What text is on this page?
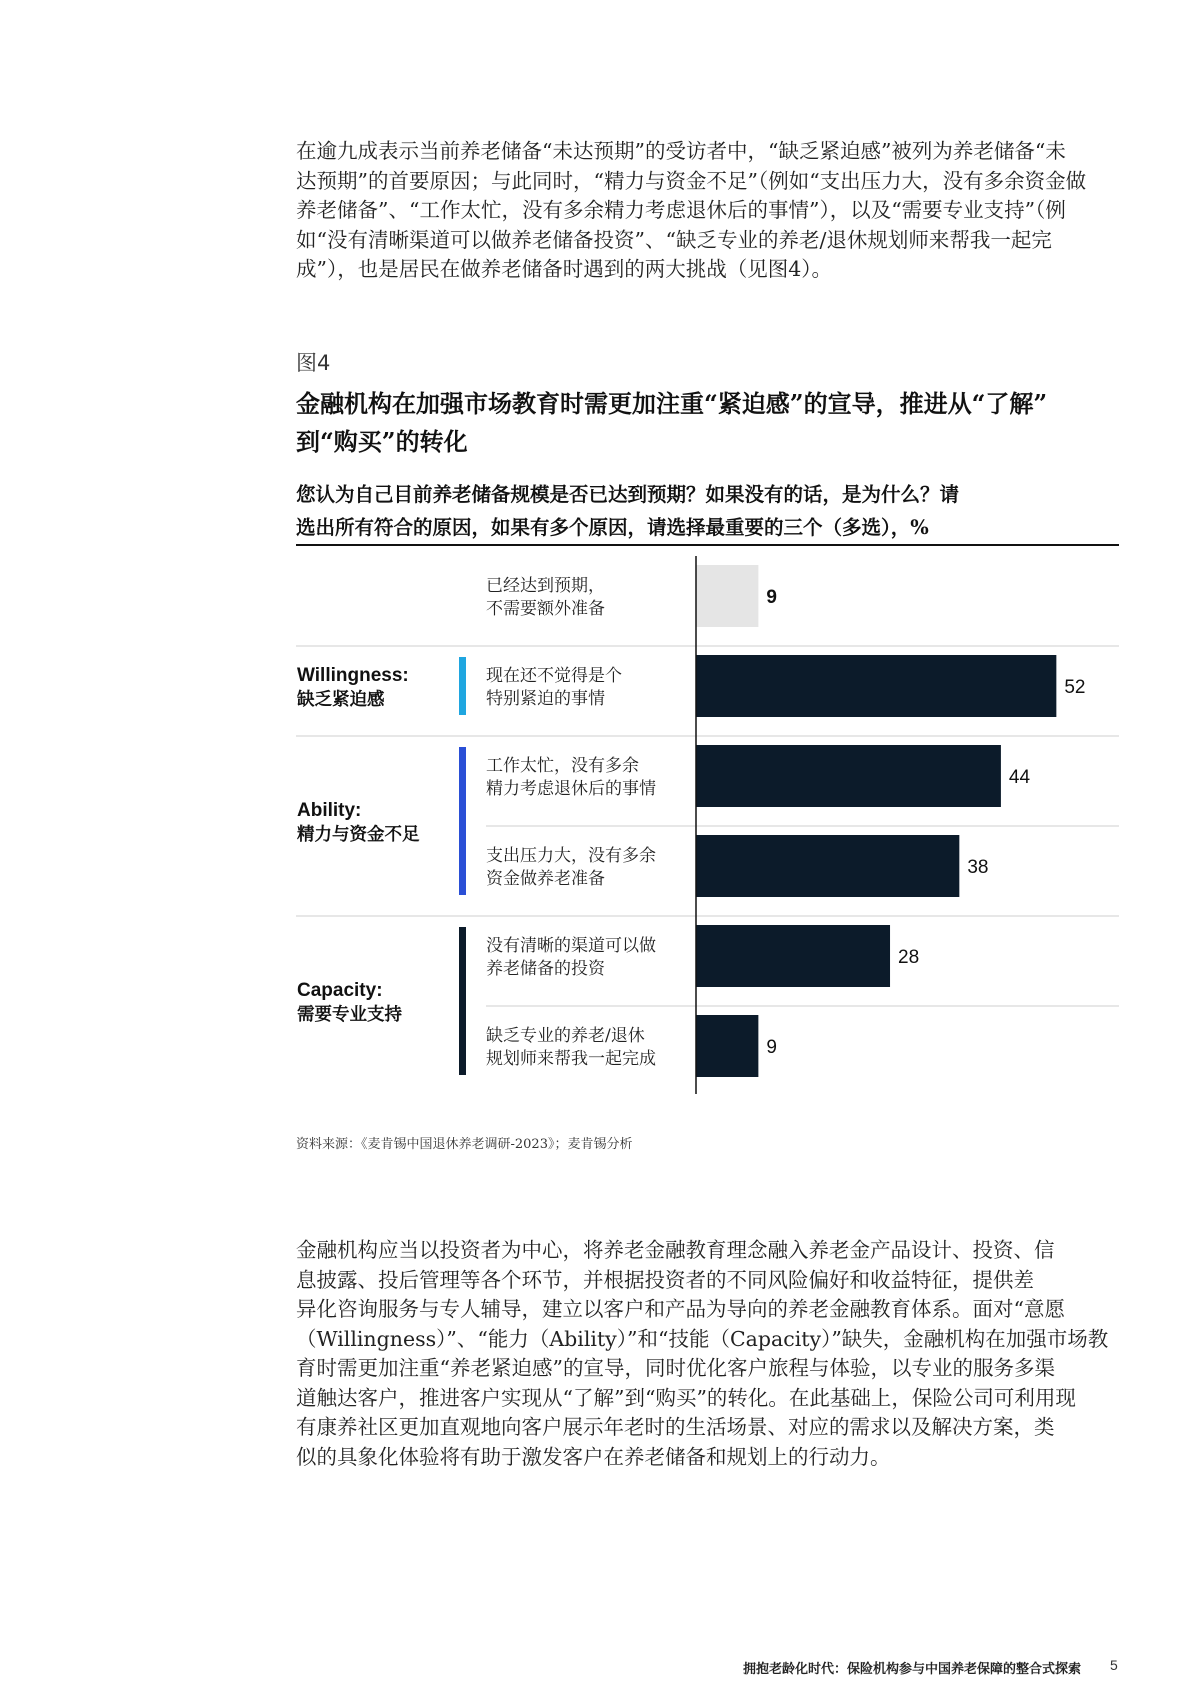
在逾九成表示当前养老储备“未达预期”的受访者中，“缺乏紧迫感”被列为养老储备“未
达预期”的首要原因；与此同时，“精力与资金不足”（例如“支出压力大，没有多余资金做
养老储备”、“工作太忙，没有多余精力考虑退休后的事情”），以及“需要专业支持”（例
如“没有清晰渠道可以做养老储备投资”、“缺乏专业的养老/退休规划师来帮我一起完
成”），也是居民在做养老储备时遇到的两大挑战（见图4）。
图4
金融机构在加强市场教育时需更加注重“紧迫感”的宣导，推进从“了解”
到“购买”的转化
您认为自己目前养老储备规模是否已达到预期？如果没有的话，是为什么？请
选出所有符合的原因，如果有多个原因，请选择最重要的三个（多选），%
Willingness:
缺乏紧迫感
Ability:
精力与资金不足
Capacity:
需要专业支持
已经达到预期，
不需要额外准备
现在还不觉得是个
特别紧迫的事情
工作太忙，没有多余
精力考虑退休后的事情
支出压力大，没有多余
资金做养老准备
没有清晰的渠道可以做
养老储备的投资
缺乏专业的养老/退休
规划师来帮我一起完成
9
52
44
38
28
9
资料来源：《麦肯锡中国退休养老调研-2023》；麦肯锡分析
金融机构应当以投资者为中心，将养老金融教育理念融入养老金产品设计、投资、信
息披露、投后管理等各个环节，并根据投资者的不同风险偏好和收益特征，提供差
异化咨询服务与专人辅导，建立以客户和产品为导向的养老金融教育体系。面对“意愿
（Willingness）”、“能力（Ability）”和“技能（Capacity）”缺失，金融机构在加强市场教
育时需更加注重“养老紧迫感”的宣导，同时优化客户旅程与体验，以专业的服务多渠
道触达客户，推进客户实现从“了解”到“购买”的转化。在此基础上，保险公司可利用现
有康养社区更加直观地向客户展示年老时的生活场景、对应的需求以及解决方案，类
似的具象化体验将有助于激发客户在养老储备和规划上的行动力。
拥抱老龄化时代：保险机构参与中国养老保障的整合式探索 5
